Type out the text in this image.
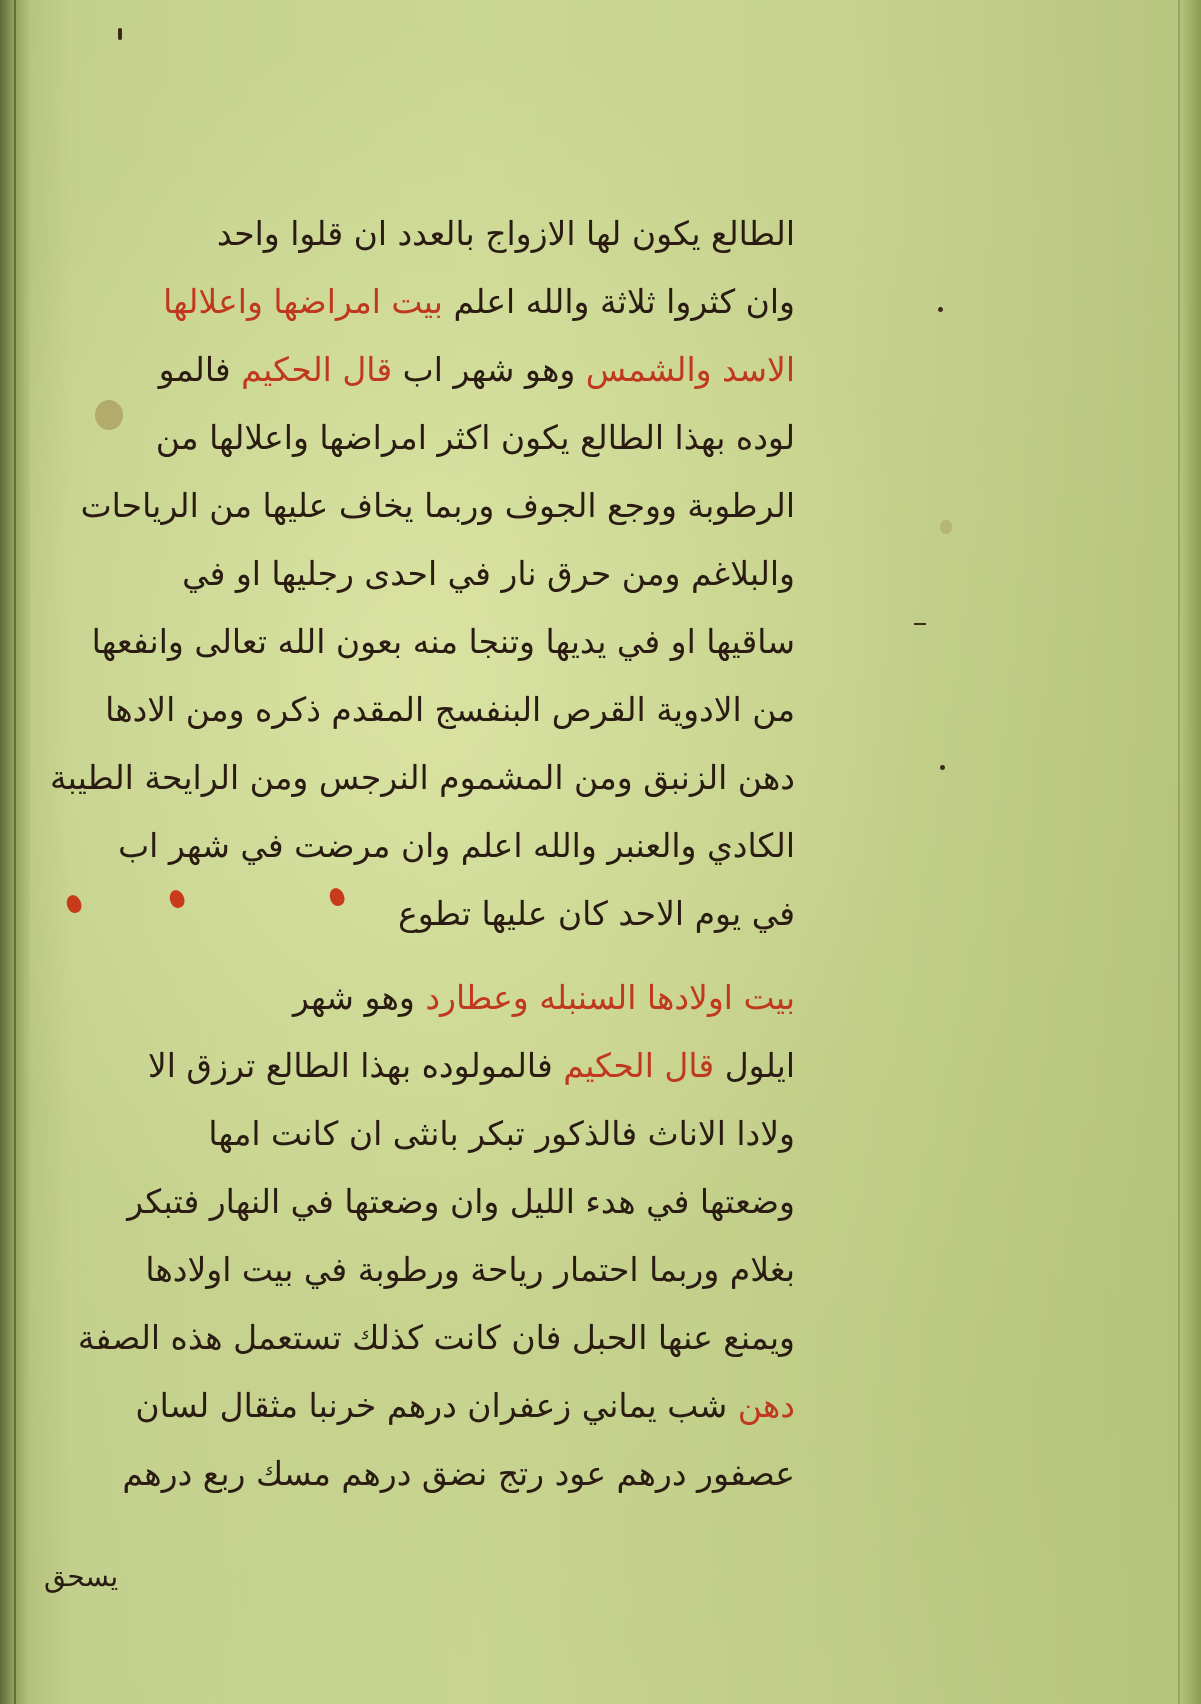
الطالع يكون لها الازواج بالعدد ان قلوا واحد
وان كثروا ثلاثة والله اعلم بيت امراضها واعلالها
الاسد والشمس وهو شهر اب قال الحكيم فالمو
لوده بهذا الطالع يكون اكثر امراضها واعلالها من
الرطوبة ووجع الجوف وربما يخاف عليها من الرياحات
والبلاغم ومن حرق نار في احدى رجليها او في
ساقيها او في يديها وتنجا منه بعون الله تعالى وانفعها
من الادوية القرص البنفسج المقدم ذكره ومن الادها
دهن الزنبق ومن المشموم النرجس ومن الرايحة الطيبة
الكادي والعنبر والله اعلم وان مرضت في شهر اب
في يوم الاحد كان عليها تطوع
بيت اولادها السنبله وعطارد وهو شهر
ايلول قال الحكيم فالمولوده بهذا الطالع ترزق الا
ولادا الاناث فالذكور تبكر بانثى ان كانت امها
وضعتها في هدء الليل وان وضعتها في النهار فتبكر
بغلام وربما احتمار رياحة ورطوبة في بيت اولادها
ويمنع عنها الحبل فان كانت كذلك تستعمل هذه الصفة
دهن شب يماني زعفران درهم خرنبا مثقال لسان
عصفور درهم عود رتج نضق درهم مسك ربع درهم
يسحق
